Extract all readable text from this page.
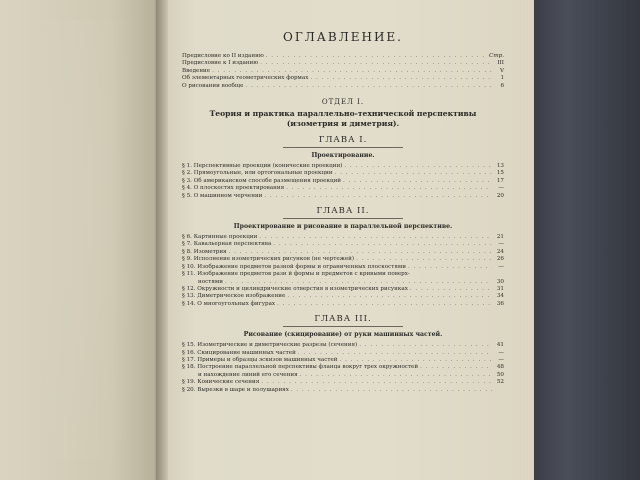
ОГЛАВЛЕНИЕ.
Предисловие ко II изданию . . .	Стр.
Предисловие к I изданию . . .	III
Введение . . .	V
Об элементарных геометрических формах . . .	1
О рисовании вообще . . .	6
ОТДЕЛ I.
Теория и практика параллельно-технической перспективы
(изометрия и диметрия).
ГЛАВА I.
Проектирование.
§ 1. Перспективные проекции (конические проекции) . . .	13
§ 2. Прямоугольные, или ортогональные проекции . . .	15
§ 3. Об американском способе размещения проекций . . .	17
§ 4. О плоскостях проектирования . . .	—
§ 5. О машинном черчении . . .	20
ГЛАВА II.
Проектирование и рисование в параллельной перспективе.
§ 6. Картинные проекции . . .	21
§ 7. Кавальерная перспектива . . .	—
§ 8. Изометрия . . .	24
§ 9. Исполнение изометрических рисунков (не чертежей) . . .	26
§ 10. Изображение предметов разной формы и ограниченных плоскостями . . .	—
§ 11. Изображение предметов разн й формы и предметов с кривыми поверх-
ностями . . .	30
§ 12. Окружности и цилиндрические отверстия в изометрических рисунках . . .	31
§ 13. Диметрическое изображение . . .	34
§ 14. О многоугольных фигурах . . .	36
ГЛАВА III.
Рисование (скицирование) от руки машинных частей.
§ 15. Изометрические и диметрические разрезы (сечения) . . .	41
§ 16. Скицирование машинных частей . . .	—
§ 17. Примеры и образцы эскизов машинных частей . . .	—
§ 18. Построение параллельной перспективы фланца вокруг трех окружностей . . .	48
и нахождение линий его сечения . . .	50
§ 19. Конические сечения . . .	52
§ 20. Вырезки в шаре и полушариях
. . .
